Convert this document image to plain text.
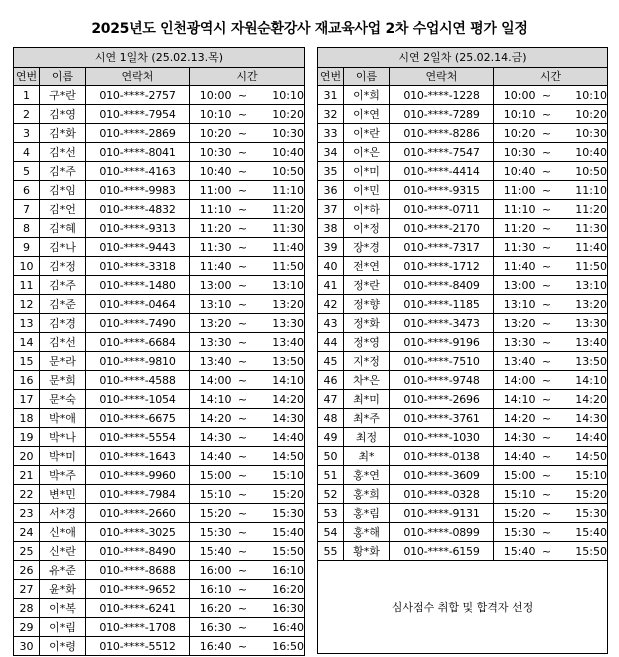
2025년도 인천광역시 자원순환강사 재교육사업 2차 수업시연 평가 일정
시연 1일차 (25.02.13.목)					
연번	이름	연락처	시간		
1	구*란	010-****-2757	10:00	~	10:10
2	김*영	010-****-7954	10:10	~	10:20
3	김*화	010-****-2869	10:20	~	10:30
4	김*선	010-****-8041	10:30	~	10:40
5	김*주	010-****-4163	10:40	~	10:50
6	김*임	010-****-9983	11:00	~	11:10
7	김*언	010-****-4832	11:10	~	11:20
8	김*혜	010-****-9313	11:20	~	11:30
9	김*나	010-****-9443	11:30	~	11:40
10	김*정	010-****-3318	11:40	~	11:50
11	김*주	010-****-1480	13:00	~	13:10
12	김*준	010-****-0464	13:10	~	13:20
13	김*경	010-****-7490	13:20	~	13:30
14	김*선	010-****-6684	13:30	~	13:40
15	문*라	010-****-9810	13:40	~	13:50
16	문*희	010-****-4588	14:00	~	14:10
17	문*숙	010-****-1054	14:10	~	14:20
18	박*애	010-****-6675	14:20	~	14:30
19	박*나	010-****-5554	14:30	~	14:40
20	박*미	010-****-1643	14:40	~	14:50
21	박*주	010-****-9960	15:00	~	15:10
22	변*민	010-****-7984	15:10	~	15:20
23	서*경	010-****-2660	15:20	~	15:30
24	신*애	010-****-3025	15:30	~	15:40
25	신*란	010-****-8490	15:40	~	15:50
26	유*준	010-****-8688	16:00	~	16:10
27	윤*화	010-****-9652	16:10	~	16:20
28	이*복	010-****-6241	16:20	~	16:30
29	이*림	010-****-1708	16:30	~	16:40
30	이*령	010-****-5512	16:40	~	16:50
시연 2일차 (25.02.14.금)					
연번	이름	연락처	시간		
31	이*희	010-****-1228	10:00	~	10:10
32	이*연	010-****-7289	10:10	~	10:20
33	이*란	010-****-8286	10:20	~	10:30
34	이*은	010-****-7547	10:30	~	10:40
35	이*미	010-****-4414	10:40	~	10:50
36	이*민	010-****-9315	11:00	~	11:10
37	이*하	010-****-0711	11:10	~	11:20
38	이*정	010-****-2170	11:20	~	11:30
39	장*경	010-****-7317	11:30	~	11:40
40	전*연	010-****-1712	11:40	~	11:50
41	정*란	010-****-8409	13:00	~	13:10
42	정*향	010-****-1185	13:10	~	13:20
43	정*화	010-****-3473	13:20	~	13:30
44	정*영	010-****-9196	13:30	~	13:40
45	지*정	010-****-7510	13:40	~	13:50
46	차*은	010-****-9748	14:00	~	14:10
47	최*미	010-****-2696	14:10	~	14:20
48	최*주	010-****-3761	14:20	~	14:30
49	최정	010-****-1030	14:30	~	14:40
50	최*	010-****-0138	14:40	~	14:50
51	홍*연	010-****-3609	15:00	~	15:10
52	홍*희	010-****-0328	15:10	~	15:20
53	홍*림	010-****-9131	15:20	~	15:30
54	홍*해	010-****-0899	15:30	~	15:40
55	황*화	010-****-6159	15:40	~	15:50
심사점수 취합 및 합격자 선정					
